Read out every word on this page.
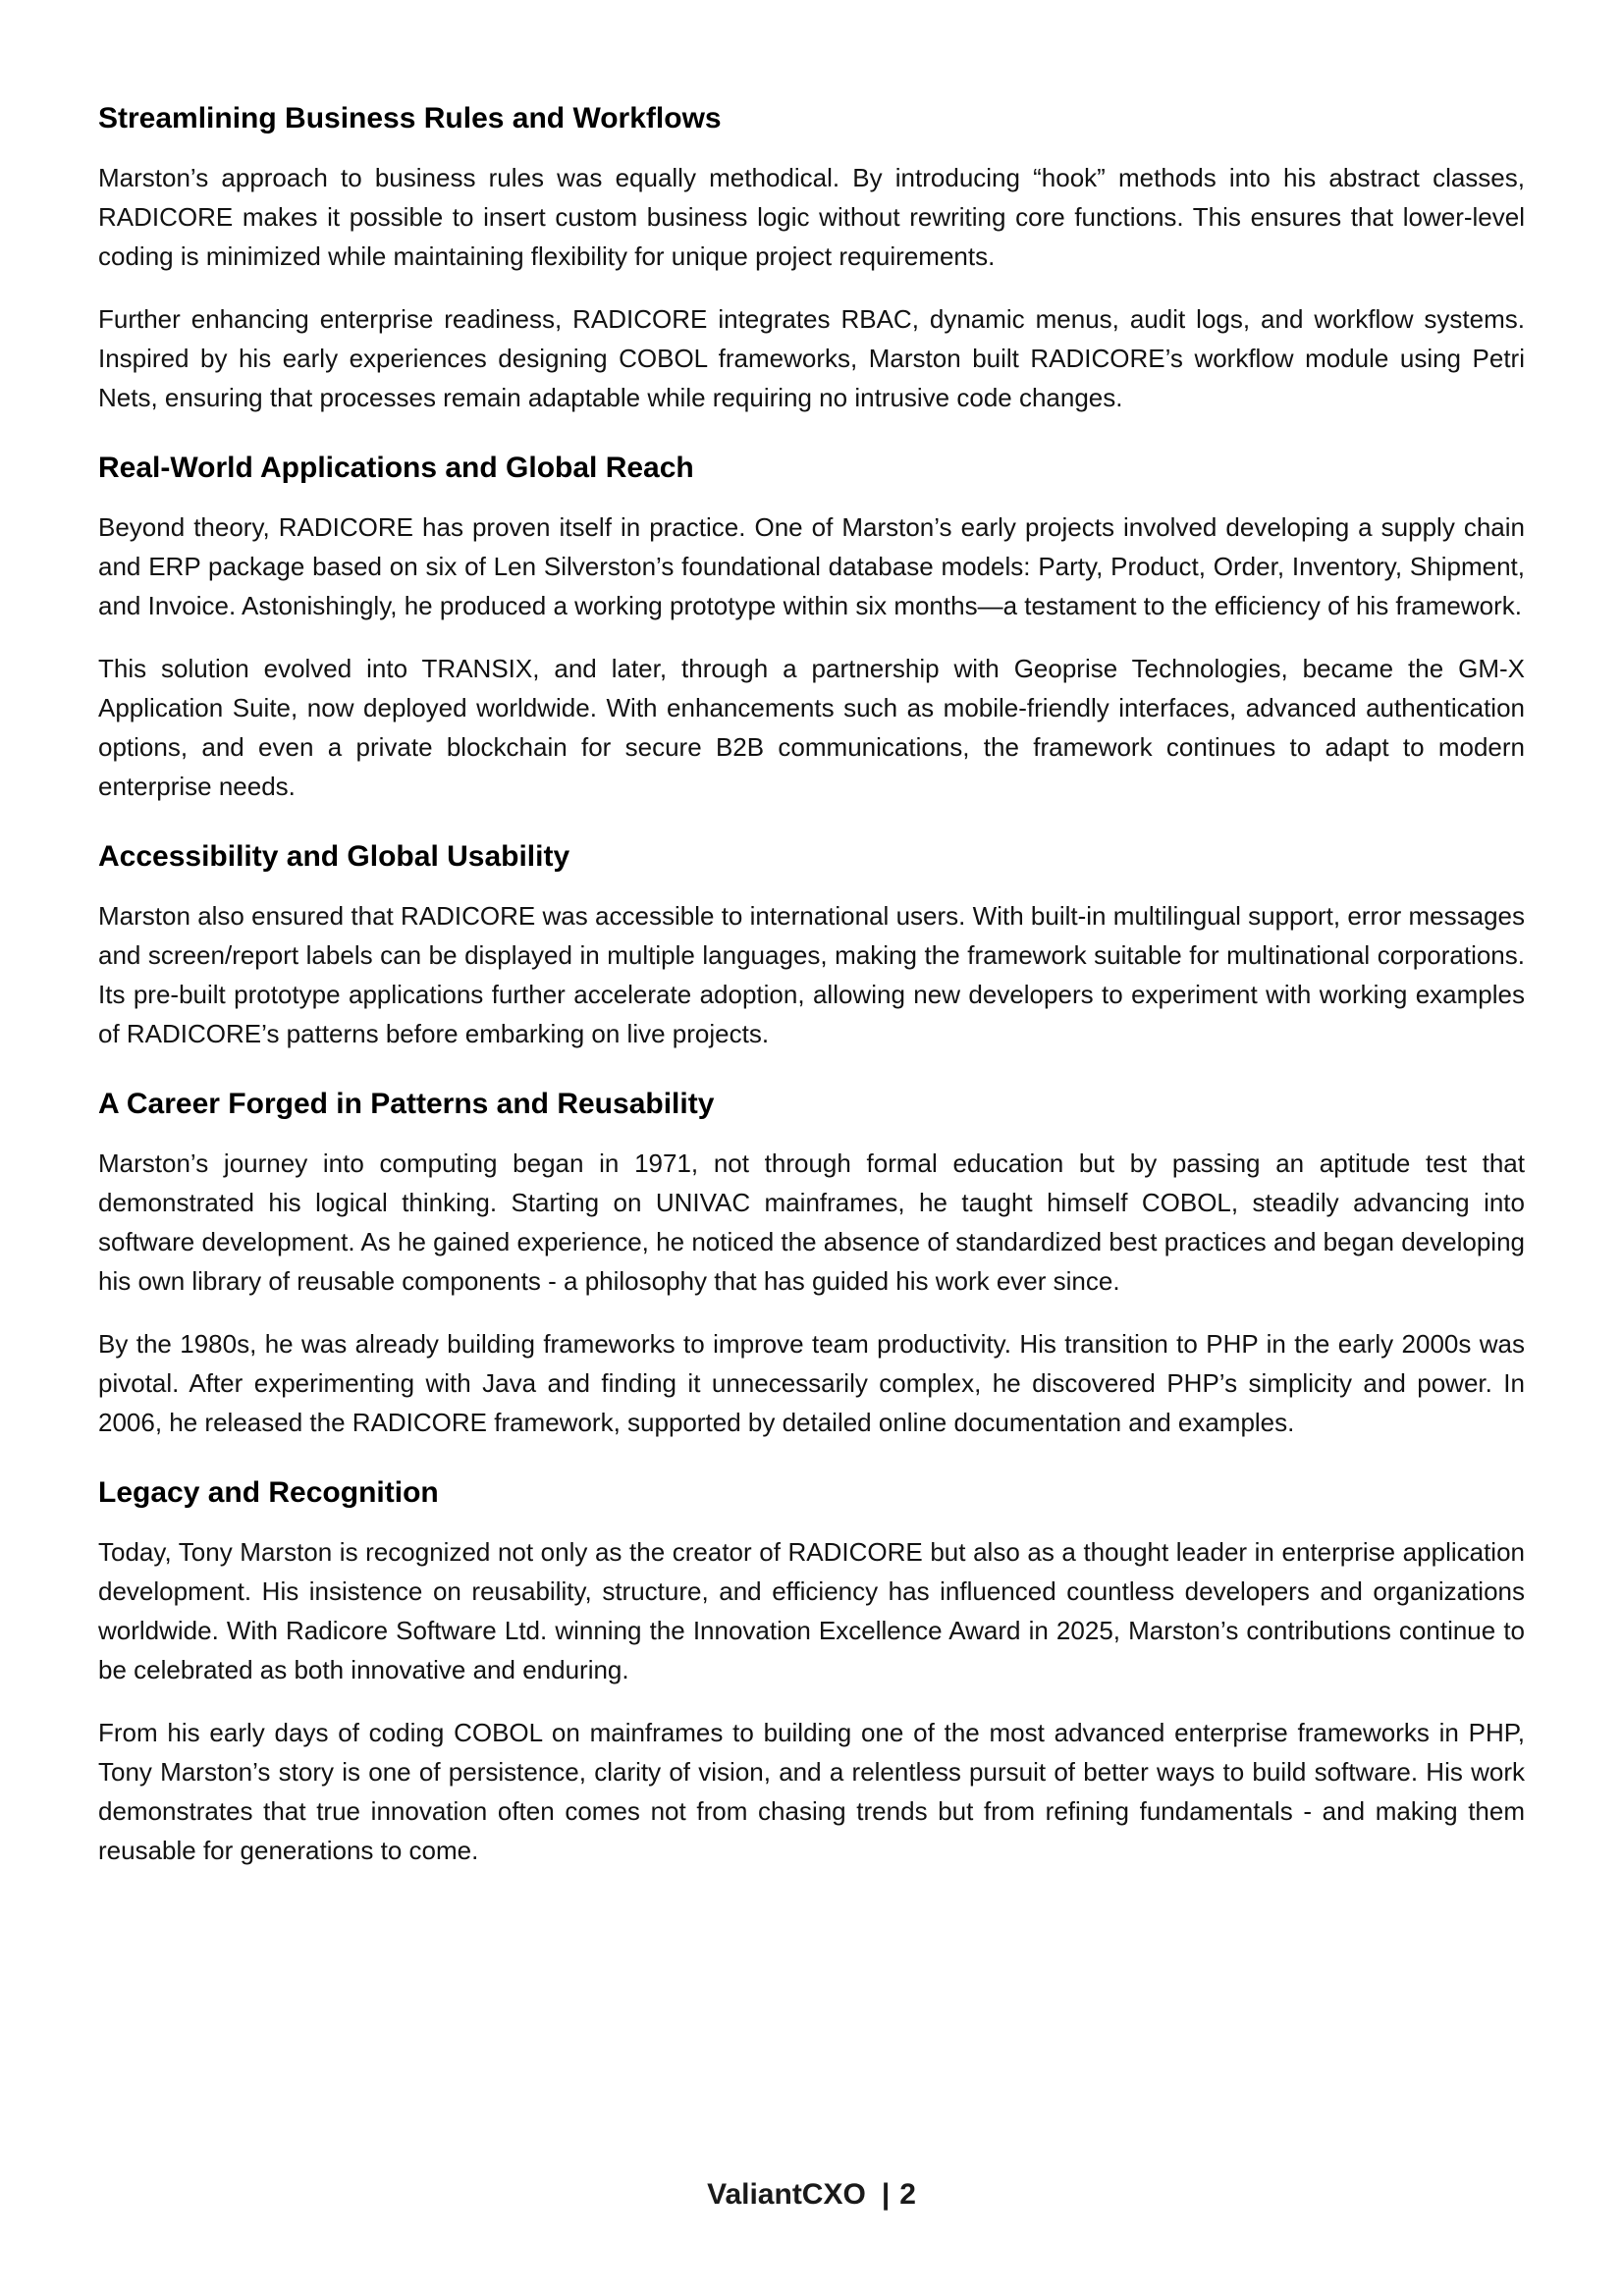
Streamlining Business Rules and Workflows

Marston’s approach to business rules was equally methodical. By introducing “hook” methods into his abstract classes, RADICORE makes it possible to insert custom business logic without rewriting core functions. This ensures that lower-level coding is minimized while maintaining flexibility for unique project requirements.

Further enhancing enterprise readiness, RADICORE integrates RBAC, dynamic menus, audit logs, and workflow systems. Inspired by his early experiences designing COBOL frameworks, Marston built RADICORE’s workflow module using Petri Nets, ensuring that processes remain adaptable while requiring no intrusive code changes.

Real-World Applications and Global Reach

Beyond theory, RADICORE has proven itself in practice. One of Marston’s early projects involved developing a supply chain and ERP package based on six of Len Silverston’s foundational database models: Party, Product, Order, Inventory, Shipment, and Invoice. Astonishingly, he produced a working prototype within six months—a testament to the efficiency of his framework.

This solution evolved into TRANSIX, and later, through a partnership with Geoprise Technologies, became the GM-X Application Suite, now deployed worldwide. With enhancements such as mobile-friendly interfaces, advanced authentication options, and even a private blockchain for secure B2B communications, the framework continues to adapt to modern enterprise needs.

Accessibility and Global Usability

Marston also ensured that RADICORE was accessible to international users. With built-in multilingual support, error messages and screen/report labels can be displayed in multiple languages, making the framework suitable for multinational corporations. Its pre-built prototype applications further accelerate adoption, allowing new developers to experiment with working examples of RADICORE’s patterns before embarking on live projects.

A Career Forged in Patterns and Reusability

Marston’s journey into computing began in 1971, not through formal education but by passing an aptitude test that demonstrated his logical thinking. Starting on UNIVAC mainframes, he taught himself COBOL, steadily advancing into software development. As he gained experience, he noticed the absence of standardized best practices and began developing his own library of reusable components - a philosophy that has guided his work ever since.

By the 1980s, he was already building frameworks to improve team productivity. His transition to PHP in the early 2000s was pivotal. After experimenting with Java and finding it unnecessarily complex, he discovered PHP’s simplicity and power. In 2006, he released the RADICORE framework, supported by detailed online documentation and examples.

Legacy and Recognition

Today, Tony Marston is recognized not only as the creator of RADICORE but also as a thought leader in enterprise application development. His insistence on reusability, structure, and efficiency has influenced countless developers and organizations worldwide. With Radicore Software Ltd. winning the Innovation Excellence Award in 2025, Marston’s contributions continue to be celebrated as both innovative and enduring.

From his early days of coding COBOL on mainframes to building one of the most advanced enterprise frameworks in PHP, Tony Marston’s story is one of persistence, clarity of vision, and a relentless pursuit of better ways to build software. His work demonstrates that true innovation often comes not from chasing trends but from refining fundamentals - and making them reusable for generations to come.

ValiantCXO | 2
